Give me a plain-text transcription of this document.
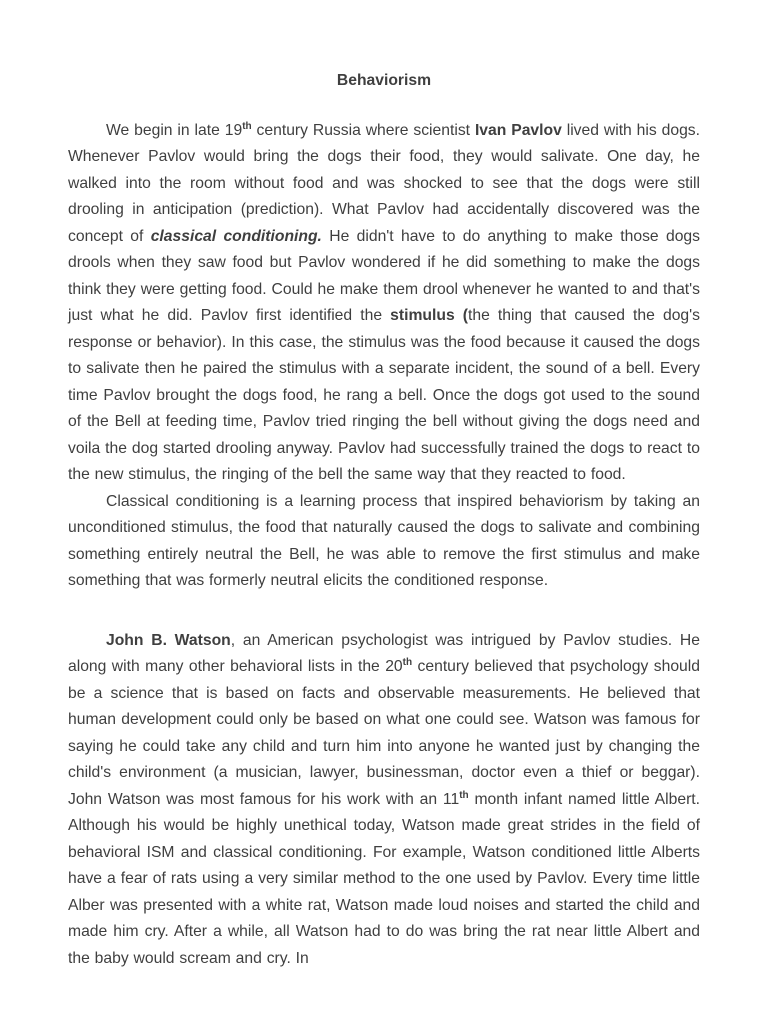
Behaviorism

We begin in late 19th century Russia where scientist Ivan Pavlov lived with his dogs. Whenever Pavlov would bring the dogs their food, they would salivate. One day, he walked into the room without food and was shocked to see that the dogs were still drooling in anticipation (prediction). What Pavlov had accidentally discovered was the concept of classical conditioning. He didn't have to do anything to make those dogs drools when they saw food but Pavlov wondered if he did something to make the dogs think they were getting food. Could he make them drool whenever he wanted to and that's just what he did. Pavlov first identified the stimulus (the thing that caused the dog's response or behavior). In this case, the stimulus was the food because it caused the dogs to salivate then he paired the stimulus with a separate incident, the sound of a bell. Every time Pavlov brought the dogs food, he rang a bell. Once the dogs got used to the sound of the Bell at feeding time, Pavlov tried ringing the bell without giving the dogs need and voila the dog started drooling anyway. Pavlov had successfully trained the dogs to react to the new stimulus, the ringing of the bell the same way that they reacted to food.

Classical conditioning is a learning process that inspired behaviorism by taking an unconditioned stimulus, the food that naturally caused the dogs to salivate and combining something entirely neutral the Bell, he was able to remove the first stimulus and make something that was formerly neutral elicits the conditioned response.

John B. Watson, an American psychologist was intrigued by Pavlov studies. He along with many other behavioral lists in the 20th century believed that psychology should be a science that is based on facts and observable measurements. He believed that human development could only be based on what one could see. Watson was famous for saying he could take any child and turn him into anyone he wanted just by changing the child's environment (a musician, lawyer, businessman, doctor even a thief or beggar). John Watson was most famous for his work with an 11th month infant named little Albert. Although his would be highly unethical today, Watson made great strides in the field of behavioral ISM and classical conditioning. For example, Watson conditioned little Alberts have a fear of rats using a very similar method to the one used by Pavlov. Every time little Alber was presented with a white rat, Watson made loud noises and started the child and made him cry. After a while, all Watson had to do was bring the rat near little Albert and the baby would scream and cry. In
